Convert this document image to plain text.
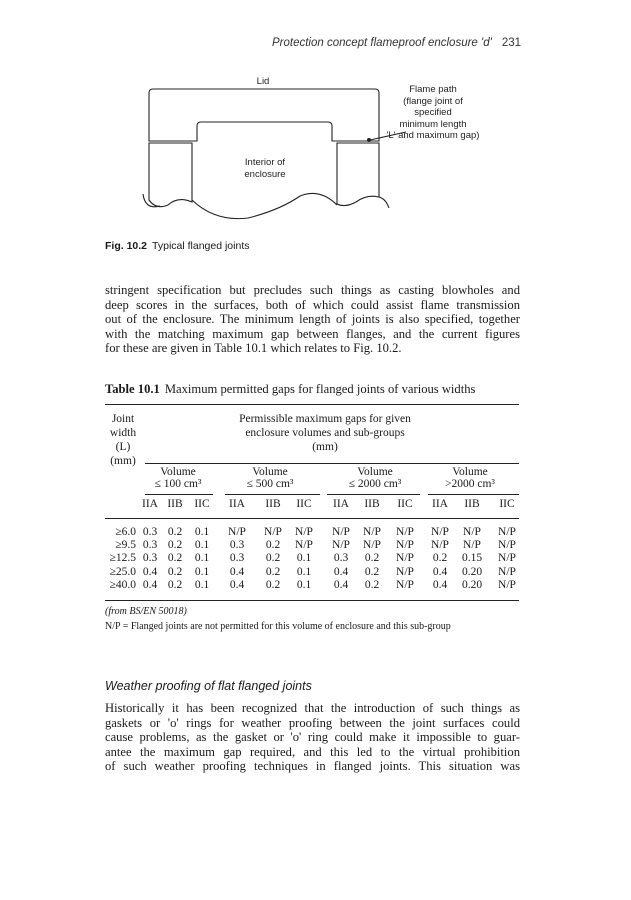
Protection concept flameproof enclosure 'd' 231
Lid
Interior of
enclosure
Flame path
(flange joint of
specified
minimum length
'L' and maximum gap)
Fig. 10.2 Typical flanged joints
stringent specification but precludes such things as casting blowholes and
deep scores in the surfaces, both of which could assist flame transmission
out of the enclosure. The minimum length of joints is also specified, together
with the matching maximum gap between flanges, and the current figures
for these are given in Table 10.1 which relates to Fig. 10.2.
Table 10.1 Maximum permitted gaps for flanged joints of various widths
Joint
width
(L)
(mm)
Permissible maximum gaps for given
enclosure volumes and sub-groups
(mm)
Volume
≤ 100 cm³
Volume
≤ 500 cm³
Volume
≤ 2000 cm³
Volume
>2000 cm³
IIA IIB IIC IIA IIB IIC IIA IIB IIC IIA IIB IIC
≥6.0 0.3 0.2 0.1 N/P N/P N/P N/P N/P N/P N/P N/P N/P
≥9.5 0.3 0.2 0.1 0.3 0.2 N/P N/P N/P N/P N/P N/P N/P
≥12.5 0.3 0.2 0.1 0.3 0.2 0.1 0.3 0.2 N/P 0.2 0.15 N/P
≥25.0 0.4 0.2 0.1 0.4 0.2 0.1 0.4 0.2 N/P 0.4 0.20 N/P
≥40.0 0.4 0.2 0.1 0.4 0.2 0.1 0.4 0.2 N/P 0.4 0.20 N/P
(from BS/EN 50018)
N/P = Flanged joints are not permitted for this volume of enclosure and this sub-group
Weather proofing of flat flanged joints
Historically it has been recognized that the introduction of such things as
gaskets or 'o' rings for weather proofing between the joint surfaces could
cause problems, as the gasket or 'o' ring could make it impossible to guar-
antee the maximum gap required, and this led to the virtual prohibition
of such weather proofing techniques in flanged joints. This situation was
